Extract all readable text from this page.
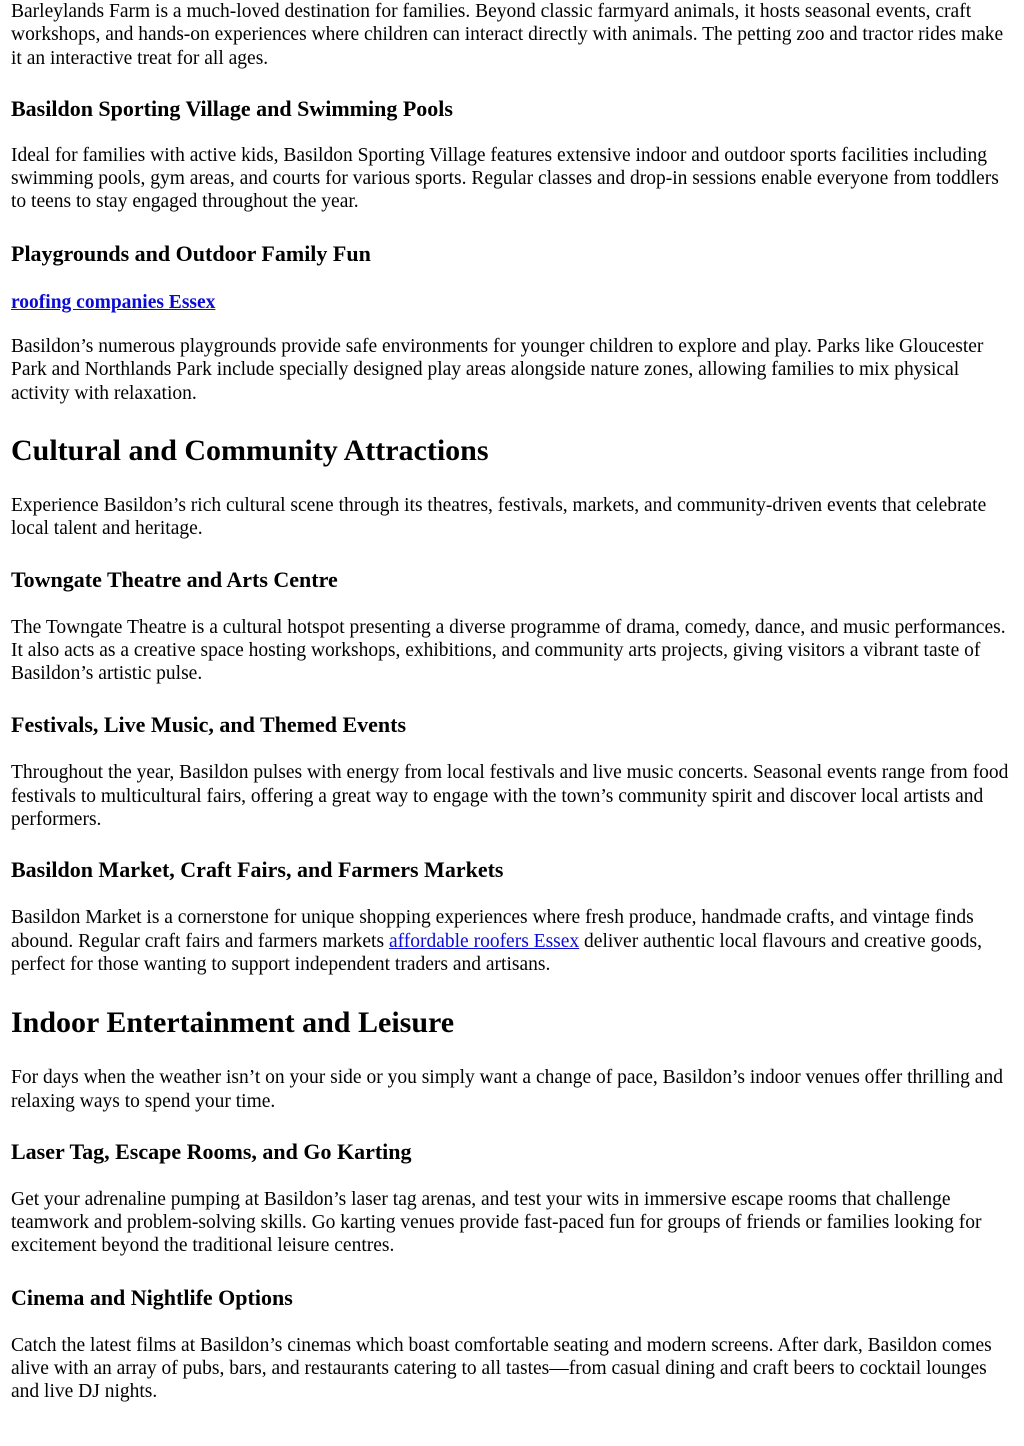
Barleylands Farm is a much-loved destination for families. Beyond classic farmyard animals, it hosts seasonal events, craft workshops, and hands-on experiences where children can interact directly with animals. The petting zoo and tractor rides make it an interactive treat for all ages.

Basildon Sporting Village and Swimming Pools

Ideal for families with active kids, Basildon Sporting Village features extensive indoor and outdoor sports facilities including swimming pools, gym areas, and courts for various sports. Regular classes and drop-in sessions enable everyone from toddlers to teens to stay engaged throughout the year.

Playgrounds and Outdoor Family Fun

roofing companies Essex

Basildon’s numerous playgrounds provide safe environments for younger children to explore and play. Parks like Gloucester Park and Northlands Park include specially designed play areas alongside nature zones, allowing families to mix physical activity with relaxation.

Cultural and Community Attractions

Experience Basildon’s rich cultural scene through its theatres, festivals, markets, and community-driven events that celebrate local talent and heritage.

Towngate Theatre and Arts Centre

The Towngate Theatre is a cultural hotspot presenting a diverse programme of drama, comedy, dance, and music performances. It also acts as a creative space hosting workshops, exhibitions, and community arts projects, giving visitors a vibrant taste of Basildon’s artistic pulse.

Festivals, Live Music, and Themed Events

Throughout the year, Basildon pulses with energy from local festivals and live music concerts. Seasonal events range from food festivals to multicultural fairs, offering a great way to engage with the town’s community spirit and discover local artists and performers.

Basildon Market, Craft Fairs, and Farmers Markets

Basildon Market is a cornerstone for unique shopping experiences where fresh produce, handmade crafts, and vintage finds abound. Regular craft fairs and farmers markets affordable roofers Essex deliver authentic local flavours and creative goods, perfect for those wanting to support independent traders and artisans.

Indoor Entertainment and Leisure

For days when the weather isn’t on your side or you simply want a change of pace, Basildon’s indoor venues offer thrilling and relaxing ways to spend your time.

Laser Tag, Escape Rooms, and Go Karting

Get your adrenaline pumping at Basildon’s laser tag arenas, and test your wits in immersive escape rooms that challenge teamwork and problem-solving skills. Go karting venues provide fast-paced fun for groups of friends or families looking for excitement beyond the traditional leisure centres.

Cinema and Nightlife Options

Catch the latest films at Basildon’s cinemas which boast comfortable seating and modern screens. After dark, Basildon comes alive with an array of pubs, bars, and restaurants catering to all tastes—from casual dining and craft beers to cocktail lounges and live DJ nights.
